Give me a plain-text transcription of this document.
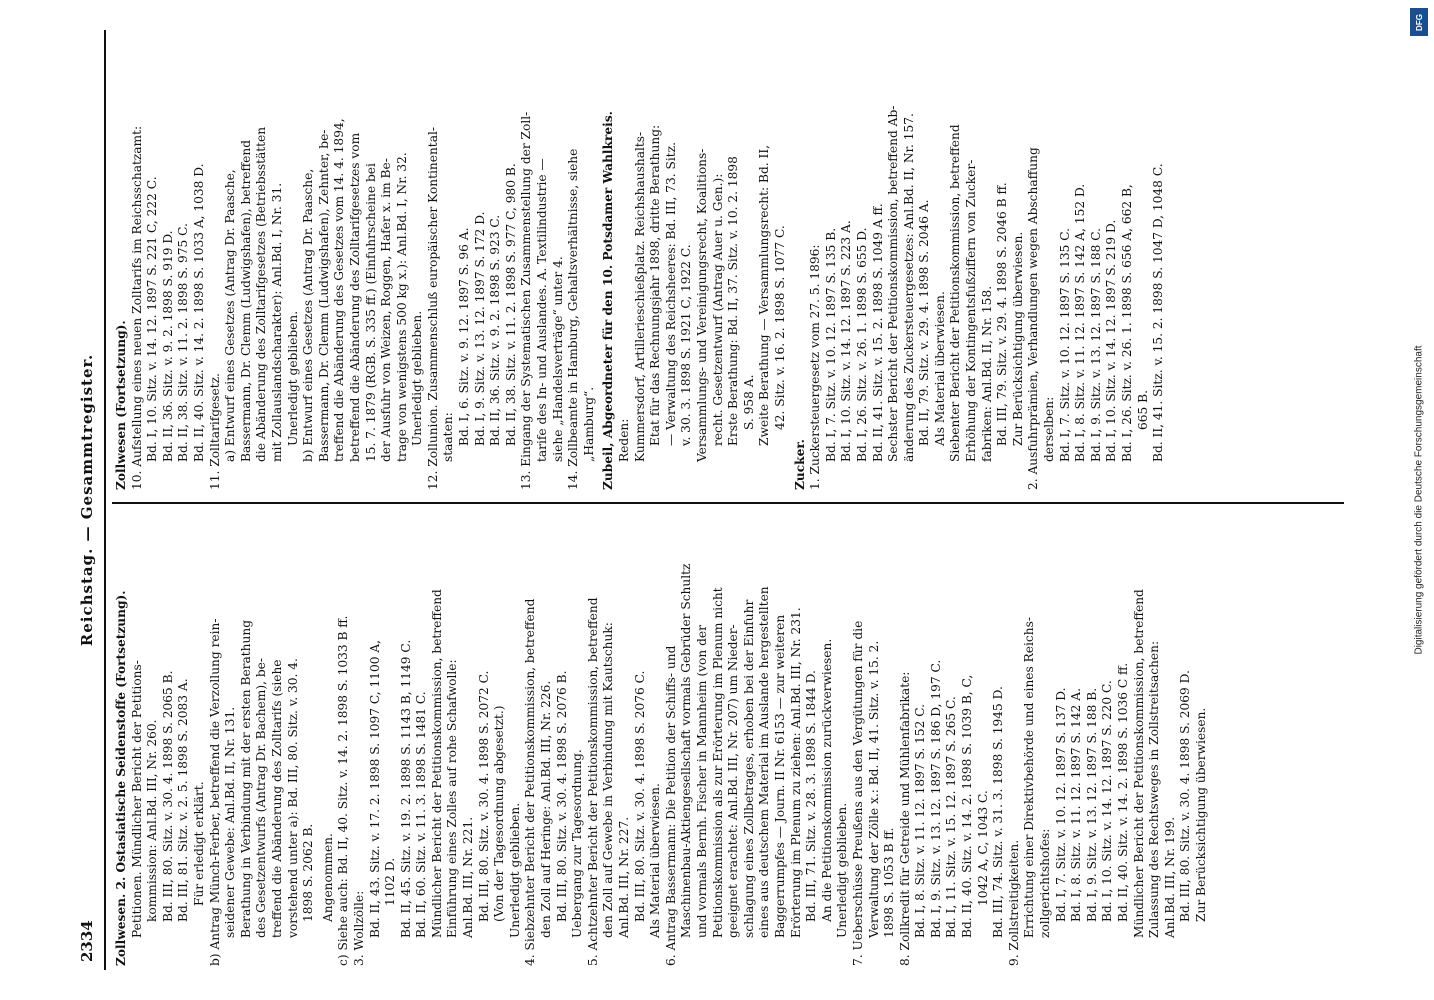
2334
Reichstag. — Gesammtregister.

Zollwesen. 2. Ostasiatische Seidenstoffe (Fortsetzung). Petitionen. Mündlicher Bericht der Petitions- kommission: Anl.Bd. III, Nr. 260. Bd. III, 80. Sitz. v. 30. 4. 1898 S. 2065 B. Bd. III, 81. Sitz. v. 2. 5. 1898 S. 2083 A. Für erledigt erklärt. b) Antrag Münch-Ferber, betreffend die Verzollung rein- seidener Gewebe: Anl.Bd. II, Nr. 131. Berathung in Verbindung mit der ersten Berathung des Gesetzentwurfs (Antrag Dr. Bachem), be- treffend die Abänderung des Zolltarifs (siehe vorstehend unter a): Bd. III, 80. Sitz. v. 30. 4. 1898 S. 2062 B. Angenommen. c) Siehe auch: Bd. II, 40. Sitz. v. 14. 2. 1898 S. 1033 B ff. 3. Wollzölle: Bd. II, 43. Sitz. v. 17. 2. 1898 S. 1097 C, 1100 A, 1102 D. Bd. II, 45. Sitz. v. 19. 2. 1898 S. 1143 B, 1149 C. Bd. II, 60. Sitz. v. 11. 3. 1898 S. 1481 C. Mündlicher Bericht der Petitionskommission, betreffend Einführung eines Zolles auf rohe Schafwolle: Anl.Bd. III, Nr. 221. Bd. III, 80. Sitz. v. 30. 4. 1898 S. 2072 C. (Von der Tagesordnung abgesetzt.) Unerledigt geblieben. 4. Siebzehnter Bericht der Petitionskommission, betreffend den Zoll auf Heringe: Anl.Bd. III, Nr. 226. Bd. III, 80. Sitz. v. 30. 4. 1898 S. 2076 B. Uebergang zur Tagesordnung. 5. Achtzehnter Bericht der Petitionskommission, betreffend den Zoll auf Gewebe in Verbindung mit Kautschuk: Anl.Bd. III, Nr. 227. Bd. III, 80. Sitz. v. 30. 4. 1898 S. 2076 C. Als Material überwiesen. 6. Antrag Bassermann: Die Petition der Schiffs- und Maschinenbau-Aktiengesellschaft vormals Gebrüder Schultz und vormals Bernh. Fischer in Mannheim (von der Petitionskommission als zur Erörterung im Plenum nicht geeignet erachtet: Anl.Bd. III, Nr. 207) um Nieder- schlagung eines Zollbetrages, erhoben bei der Einfuhr eines aus deutschem Material im Auslande hergestellten Baggerrumpfes — Journ. II Nr. 6153 — zur weiteren Erörterung im Plenum zu ziehen: Anl.Bd. III, Nr. 231. Bd. III, 71. Sitz. v. 28. 3. 1898 S. 1844 D. An die Petitionskommission zurückverwiesen. Unerledigt geblieben. 7. Ueberschüsse Preußens aus den Vergütungen für die Verwaltung der Zölle x.: Bd. II, 41. Sitz. v. 15. 2. 1898 S. 1053 B ff. 8. Zollkredit für Getreide und Mühlenfabrikate: Bd. I, 8. Sitz. v. 11. 12. 1897 S. 152 C. Bd. I, 9. Sitz. v. 13. 12. 1897 S. 186 D, 197 C. Bd. I, 11. Sitz. v. 15. 12. 1897 S. 265 C. Bd. II, 40. Sitz. v. 14. 2. 1898 S. 1039 B, C, 1042 A, C, 1043 C. Bd. III, 74. Sitz. v. 31. 3. 1898 S. 1945 D. 9. Zollstreitigkeiten. Errichtung einer Direktivbehörde und eines Reichs- zollgerichtshofes: Bd. I, 7. Sitz. v. 10. 12. 1897 S. 137 D. Bd. I, 8. Sitz. v. 11. 12. 1897 S. 142 A. Bd. I, 9. Sitz. v. 13. 12. 1897 S. 188 B. Bd. I, 10. Sitz. v. 14. 12. 1897 S. 220 C. Bd. II, 40. Sitz. v. 14. 2. 1898 S. 1036 C ff. Mündlicher Bericht der Petitionskommission, betreffend Zulassung des Rechtsweges in Zollstreitsachen: Anl.Bd. III, Nr. 199. Bd. III, 80. Sitz. v. 30. 4. 1898 S. 2069 D. Zur Berücksichtigung überwiesen.

Zollwesen (Fortsetzung). 10. Aufstellung eines neuen Zolltarifs im Reichsschatzamt: Bd. I, 10. Sitz. v. 14. 12. 1897 S. 221 C, 222 C. Bd. II, 36. Sitz. v. 9. 2. 1898 S. 919 D. Bd. II, 38. Sitz. v. 11. 2. 1898 S. 975 C. Bd. II, 40. Sitz. v. 14. 2. 1898 S. 1033 A, 1038 D. 11. Zolltarifgesetz. a) Entwurf eines Gesetzes (Antrag Dr. Paasche, Bassermann, Dr. Clemm (Ludwigshafen), betreffend die Abänderung des Zolltarifgesetzes (Betriebsstätten mit Zollauslandscharakter): Anl.Bd. I, Nr. 31. Unerledigt geblieben. b) Entwurf eines Gesetzes (Antrag Dr. Paasche, Bassermann, Dr. Clemm (Ludwigshafen), Zehnter, be- treffend die Abänderung des Gesetzes vom 14. 4. 1894, betreffend die Abänderung des Zolltarifgesetzes vom 15. 7. 1879 (RGB. S. 335 ff.) (Einfuhrscheine bei der Ausfuhr von Weizen, Roggen, Hafer x. im Be- trage von wenigstens 500 kg x.): Anl.Bd. I, Nr. 32. Unerledigt geblieben. 12. Zollunion. Zusammenschluß europäischer Kontinental- staaten: Bd. I, 6. Sitz. v. 9. 12. 1897 S. 96 A. Bd. I, 9. Sitz. v. 13. 12. 1897 S. 172 D. Bd. II, 36. Sitz. v. 9. 2. 1898 S. 923 C. Bd. II, 38. Sitz. v. 11. 2. 1898 S. 977 C, 980 B. 13. Eingang der Systematischen Zusammenstellung der Zoll- tarife des In- und Auslandes. A. Textilindustrie — siehe „Handelsverträge“ unter 4. 14. Zollbeamte in Hamburg, Gehaltsverhältnisse, siehe „Hamburg“. Zubeil, Abgeordneter für den 10. Potsdamer Wahlkreis. Reden: Kummersdorf, Artillerieschießplatz. Reichshaushalts- Etat für das Rechnungsjahr 1898, dritte Berathung: — Verwaltung des Reichsheeres: Bd. III, 73. Sitz. v. 30. 3. 1898 S. 1921 C, 1922 C. Versammlungs- und Vereinigungsrecht, Koalitions- recht. Gesetzentwurf (Antrag Auer u. Gen.): Erste Berathung: Bd. II, 37. Sitz. v. 10. 2. 1898 S. 958 A. Zweite Berathung — Versammlungsrecht: Bd. II, 42. Sitz. v. 16. 2. 1898 S. 1077 C.

Zucker. 1. Zuckersteuergesetz vom 27. 5. 1896: Bd. I, 7. Sitz. v. 10. 12. 1897 S. 135 B. Bd. I, 10. Sitz. v. 14. 12. 1897 S. 223 A. Bd. I, 26. Sitz. v. 26. 1. 1898 S. 655 D. Bd. II, 41. Sitz. v. 15. 2. 1898 S. 1049 A ff. Sechster Bericht der Petitionskommission, betreffend Ab- änderung des Zuckersteuergesetzes: Anl.Bd. II, Nr. 157. Bd. II, 79. Sitz. v. 29. 4. 1898 S. 2046 A. Als Material überwiesen. Siebenter Bericht der Petitionskommission, betreffend Erhöhung der Kontingentsfußziffern von Zucker- fabriken: Anl.Bd. II, Nr. 158. Bd. III, 79. Sitz. v. 29. 4. 1898 S. 2046 B ff. Zur Berücksichtigung überwiesen. 2. Ausfuhrprämien, Verhandlungen wegen Abschaffung derselben: Bd. I, 7. Sitz. v. 10. 12. 1897 S. 135 C. Bd. I, 8. Sitz. v. 11. 12. 1897 S. 142 A, 152 D. Bd. I, 9. Sitz. v. 13. 12. 1897 S. 188 C. Bd. I, 10. Sitz. v. 14. 12. 1897 S. 219 D. Bd. I, 26. Sitz. v. 26. 1. 1898 S. 656 A, 662 B, 665 B. Bd. II, 41. Sitz. v. 15. 2. 1898 S. 1047 D, 1048 C.

DFG
Digitalisierung gefördert durch die Deutsche Forschungsgemeinschaft
